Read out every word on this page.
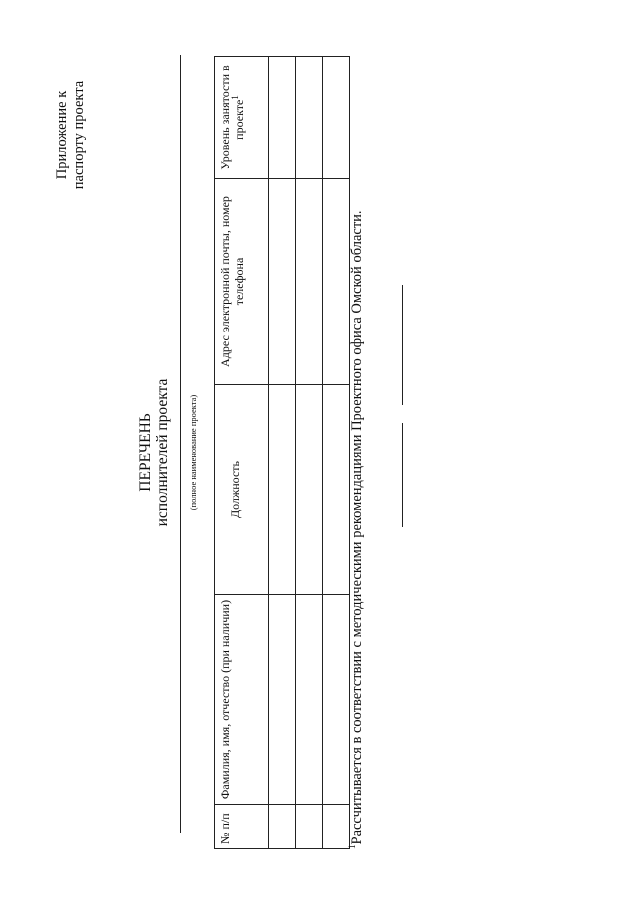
Приложение к паспорту проекта
ПЕРЕЧЕНЬ исполнителей проекта (полное наименование проекта)
№ п/п	Фамилия, имя, отчество (при наличии)	Должность	Адрес электронной почты, номер телефона	Уровень занятости в проекте$^1$

$^1$Рассчитывается в соответствии с методическими рекомендациями Проектного офиса Омской области.
